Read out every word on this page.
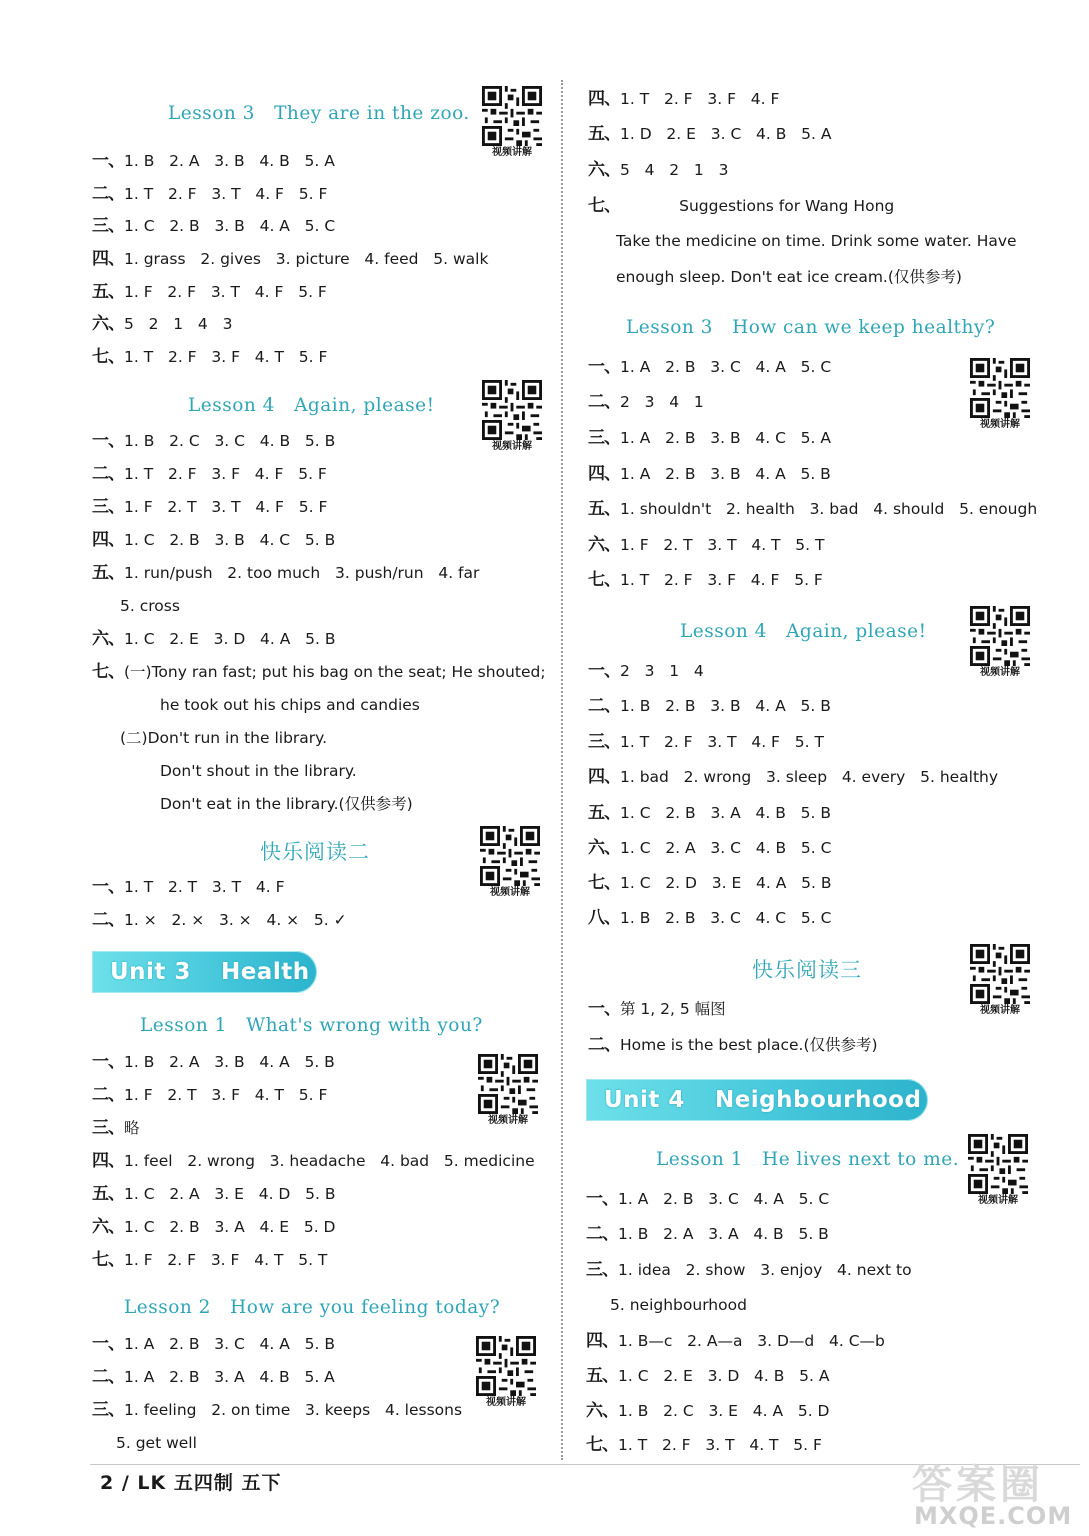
Lesson 3   They are in the zoo.
视频讲解
一、1. B   2. A   3. B   4. B   5. A
二、1. T   2. F   3. T   4. F   5. F
三、1. C   2. B   3. B   4. A   5. C
四、1. grass   2. gives   3. picture   4. feed   5. walk
五、1. F   2. F   3. T   4. F   5. F
六、5   2   1   4   3
七、1. T   2. F   3. F   4. T   5. F
Lesson 4   Again, please!
视频讲解
一、1. B   2. C   3. C   4. B   5. B
二、1. T   2. F   3. F   4. F   5. F
三、1. F   2. T   3. T   4. F   5. F
四、1. C   2. B   3. B   4. C   5. B
五、1. run/push   2. too much   3. push/run   4. far
5. cross
六、1. C   2. E   3. D   4. A   5. B
七、(一)Tony ran fast; put his bag on the seat; He shouted;
he took out his chips and candies
(二)Don't run in the library.
Don't shout in the library.
Don't eat in the library.(仅供参考)
快乐阅读二
视频讲解
一、1. T   2. T   3. T   4. F
二、1. ×   2. ×   3. ×   4. ×   5. ✓
Unit 3 Health
Lesson 1   What's wrong with you?
视频讲解
一、1. B   2. A   3. B   4. A   5. B
二、1. F   2. T   3. F   4. T   5. F
三、略
四、1. feel   2. wrong   3. headache   4. bad   5. medicine
五、1. C   2. A   3. E   4. D   5. B
六、1. C   2. B   3. A   4. E   5. D
七、1. F   2. F   3. F   4. T   5. T
Lesson 2   How are you feeling today?
视频讲解
一、1. A   2. B   3. C   4. A   5. B
二、1. A   2. B   3. A   4. B   5. A
三、1. feeling   2. on time   3. keeps   4. lessons
5. get well
四、1. T   2. F   3. F   4. F
五、1. D   2. E   3. C   4. B   5. A
六、5   4   2   1   3
七、            Suggestions for Wang Hong
Take the medicine on time. Drink some water. Have
enough sleep. Don't eat ice cream.(仅供参考)
Lesson 3   How can we keep healthy?
视频讲解
一、1. A   2. B   3. C   4. A   5. C
二、2   3   4   1
三、1. A   2. B   3. B   4. C   5. A
四、1. A   2. B   3. B   4. A   5. B
五、1. shouldn't   2. health   3. bad   4. should   5. enough
六、1. F   2. T   3. T   4. T   5. T
七、1. T   2. F   3. F   4. F   5. F
Lesson 4   Again, please!
视频讲解
一、2   3   1   4
二、1. B   2. B   3. B   4. A   5. B
三、1. T   2. F   3. T   4. F   5. T
四、1. bad   2. wrong   3. sleep   4. every   5. healthy
五、1. C   2. B   3. A   4. B   5. B
六、1. C   2. A   3. C   4. B   5. C
七、1. C   2. D   3. E   4. A   5. B
八、1. B   2. B   3. C   4. C   5. C
快乐阅读三
视频讲解
一、第 1, 2, 5 幅图
二、Home is the best place.(仅供参考)
Unit 4 Neighbourhood
Lesson 1   He lives next to me.
视频讲解
一、1. A   2. B   3. C   4. A   5. C
二、1. B   2. A   3. A   4. B   5. B
三、1. idea   2. show   3. enjoy   4. next to
5. neighbourhood
四、1. B—c   2. A—a   3. D—d   4. C—b
五、1. C   2. E   3. D   4. B   5. A
六、1. B   2. C   3. E   4. A   5. D
七、1. T   2. F   3. T   4. T   5. F
2 / LK 五四制 五下	答案圈
MXQE.COM
